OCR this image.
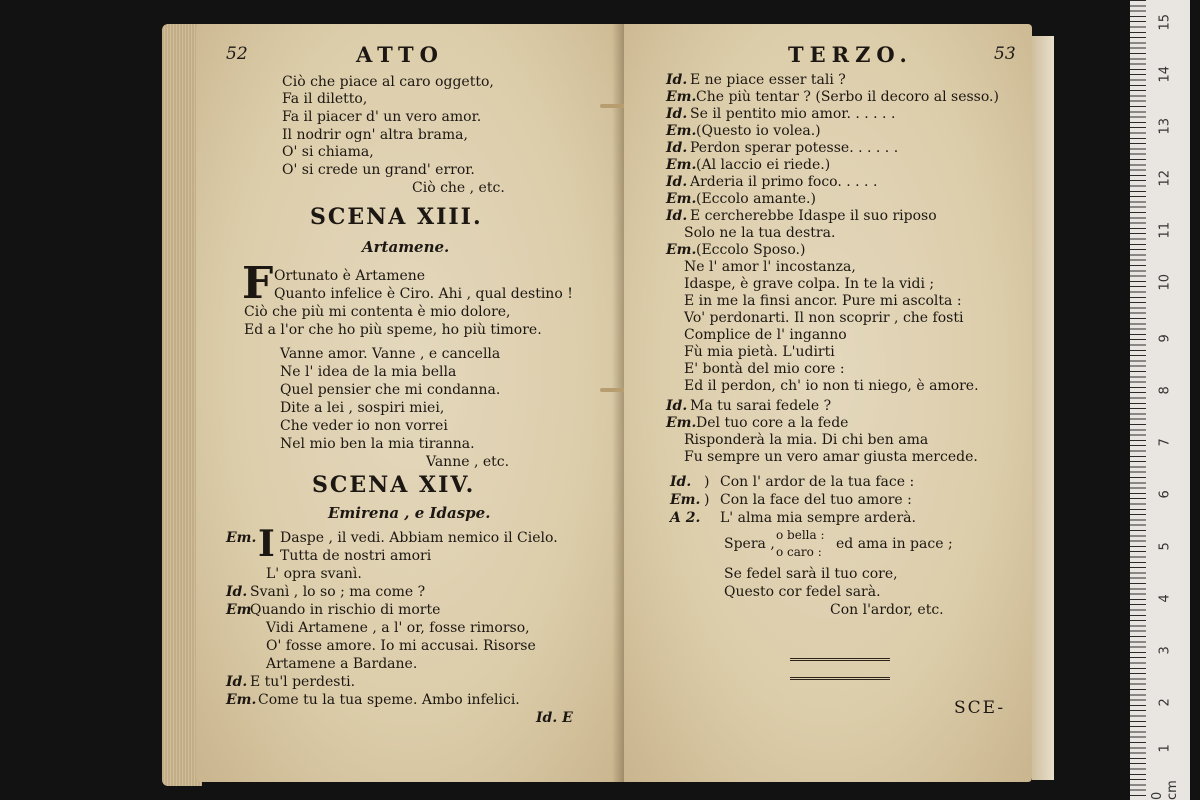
52	ATTO
Ciò che piace al caro oggetto,
Fa il diletto,
Fa il piacer d' un vero amor.
Il nodrir ogn' altra brama,
O' si chiama,
O' si crede un grand' error.
Ciò che , etc.
SCENA XIII.
Artamene.
F Ortunato è Artamene
Quanto infelice è Ciro. Ahi , qual destino !
Ciò che più mi contenta è mio dolore,
Ed a l'or che ho più speme, ho più timore.
Vanne amor. Vanne , e cancella
Ne l' idea de la mia bella
Quel pensier che mi condanna.
Dite a lei , sospiri miei,
Che veder io non vorrei
Nel mio ben la mia tiranna.
Vanne , etc.
SCENA XIV.
Emirena , e Idaspe.
Em. I Daspe , il vedi. Abbiam nemico il Cielo.
Tutta de nostri amori
L' opra svanì.
Id. Svanì , lo so ; ma come ?
Em
Quando in rischio di morte
Vidi Artamene , a l' or, fosse rimorso,
O' fosse amore. Io mi accusai. Risorse
Artamene a Bardane.
Id. E tu'l perdesti.
Em. Come tu la tua speme. Ambo infelici.
Id. E
TERZO.	53
Id. E ne piace esser tali ?
Em. Che più tentar ? (Serbo il decoro al sesso.)
Id. Se il pentito mio amor. . . . . .
Em. (Questo io volea.)
Id. Perdon sperar potesse. . . . . .
Em. (Al laccio ei riede.)
Id. Arderia il primo foco. . . . .
Em. (Eccolo amante.)
Id. E cercherebbe Idaspe il suo riposo
Solo ne la tua destra.
Em. (Eccolo Sposo.)
Ne l' amor l' incostanza,
Idaspe, è grave colpa. In te la vidi ;
E in me la finsi ancor. Pure mi ascolta :
Vo' perdonarti. Il non scoprir , che fosti
Complice de l' inganno
Fù mia pietà. L'udirti
E' bontà del mio core :
Ed il perdon, ch' io non ti niego, è amore.
Id. Ma tu sarai fedele ?
Em. Del tuo core a la fede
Risponderà la mia. Di chi ben ama
Fu sempre un vero amar giusta mercede.
Id. ) Con l' ardor de la tua face :
Em. ) Con la face del tuo amore :
A 2. L' alma mia sempre arderà.
Spera ,
o bella :
o caro : ed ama in pace ;
Se fedel sarà il tuo core,
Questo cor fedel sarà.
Con l'ardor, etc.
SCE-
15
14
13
12
11
10
9
8
7
6
5
4
3
2
1
0 cm
